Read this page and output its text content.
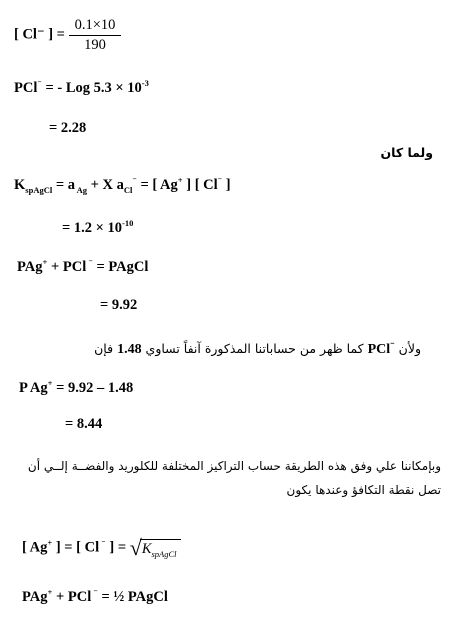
[ Cl⁻ ] = $\frac{0.1\times 10}{190}$
PCl⁻ = - Log $5.3 \times 10^{-3}$
= 2.28
ولما كان
$K_{spAgCl} = a$ $_{Ag}$ + X $a_{Cl}^{^-}$ = [ Ag+ ] [ Cl⁻ ]
= $1.2 \times 10^{-10}$
PAg+ + PCl ⁻ = PAgCl
= 9.92
ولأن PCl⁻ كما ظهر من حساباتنا المذكورة آنفاً تساوي 1.48 فإن
P Ag+ = 9.92 – 1.48
= 8.44
وبإمكاننا علي وفق هذه الطريقة حساب التراكيز المختلفة للكلوريد والفضــة إلــي أن
تصل نقطة التكافؤ وعندها يكون
[ Ag+ ] = [ Cl ⁻ ] = $√K_{spAgCl}$
PAg+ + PCl ⁻ = ½ PAgCl
